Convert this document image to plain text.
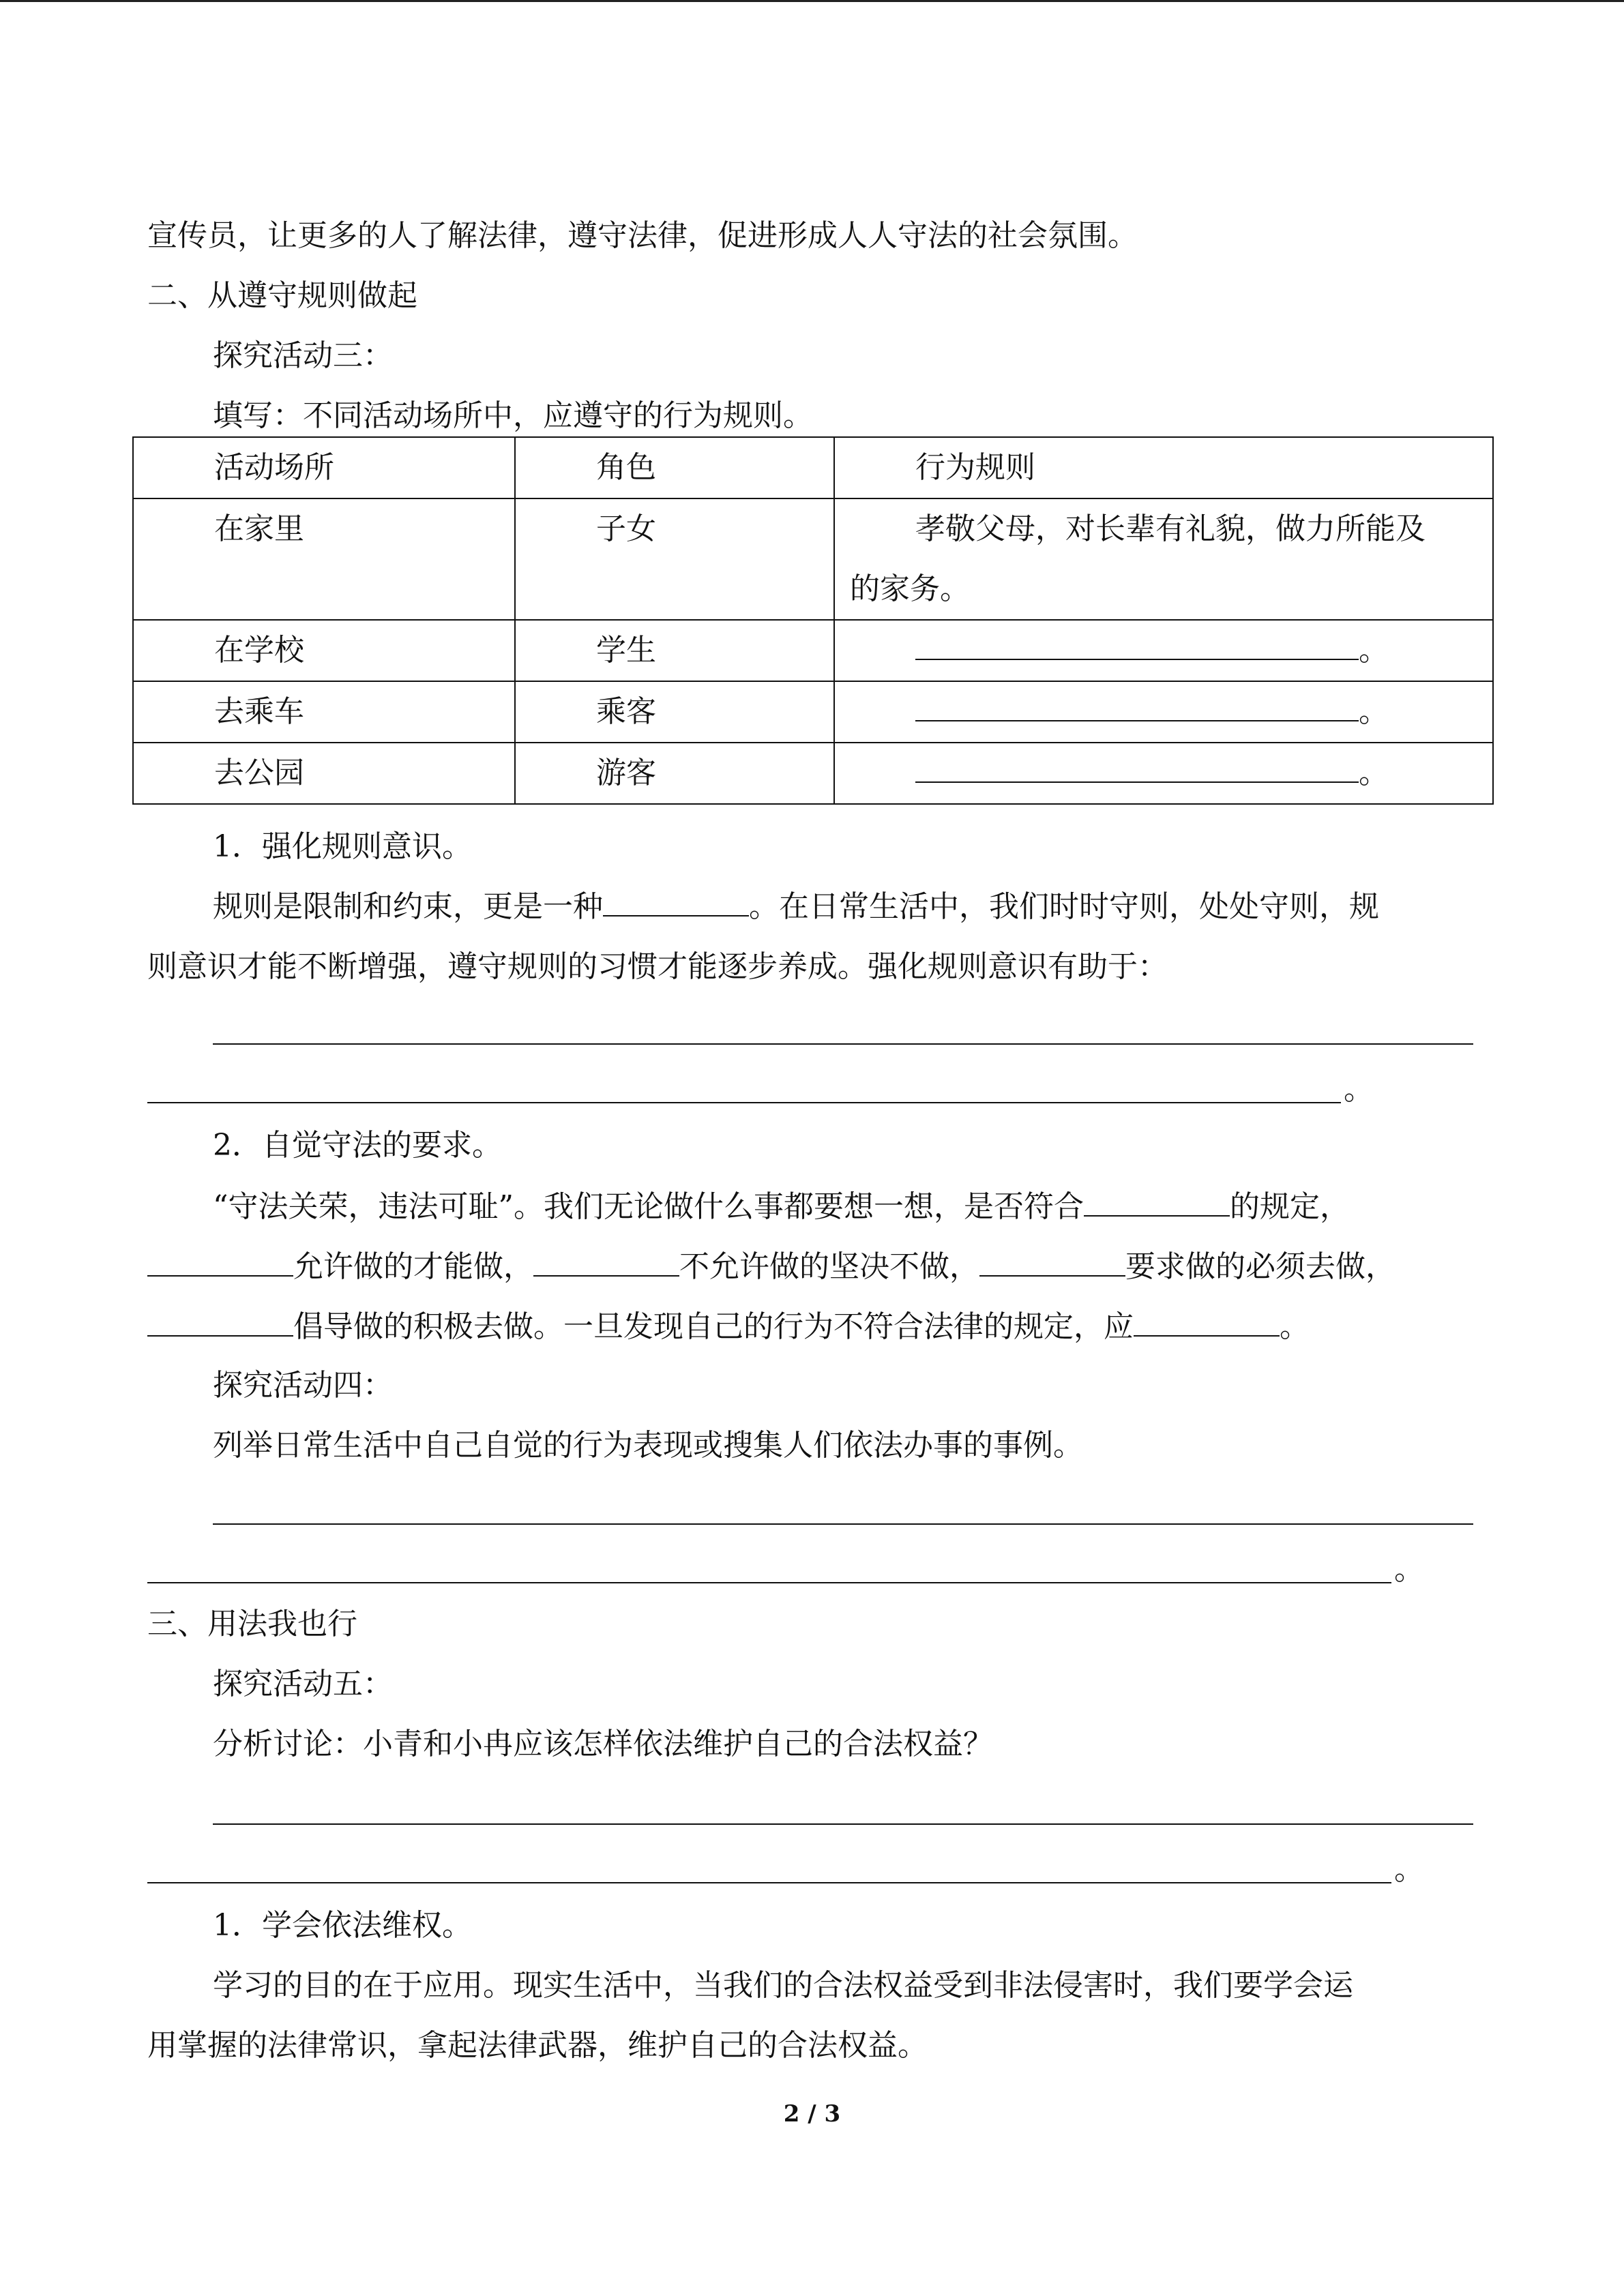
宣传员，让更多的人了解法律，遵守法律，促进形成人人守法的社会氛围。
二、从遵守规则做起
探究活动三：
填写：不同活动场所中，应遵守的行为规则。
活动场所	角色	行为规则
在家里	子女	孝敬父母，对长辈有礼貌，做力所能及
的家务。

在学校	学生	。
去乘车	乘客	。
去公园	游客	。
1．强化规则意识。
规则是限制和约束，更是一种	。在日常生活中，我们时时守则，处处守则，规
则意识才能不断增强，遵守规则的习惯才能逐步养成。强化规则意识有助于：
。
2．自觉守法的要求。
“守法关荣，违法可耻”。我们无论做什么事都要想一想，是否符合	的规定，
允许做的才能做，	不允许做的坚决不做，	要求做的必须去做，
倡导做的积极去做。一旦发现自己的行为不符合法律的规定，应	。
探究活动四：
列举日常生活中自己自觉的行为表现或搜集人们依法办事的事例。
。
三、用法我也行
探究活动五：
分析讨论：小青和小冉应该怎样依法维护自己的合法权益？
。
1．学会依法维权。
学习的目的在于应用。现实生活中，当我们的合法权益受到非法侵害时，我们要学会运
用掌握的法律常识，拿起法律武器，维护自己的合法权益。
2 / 3
